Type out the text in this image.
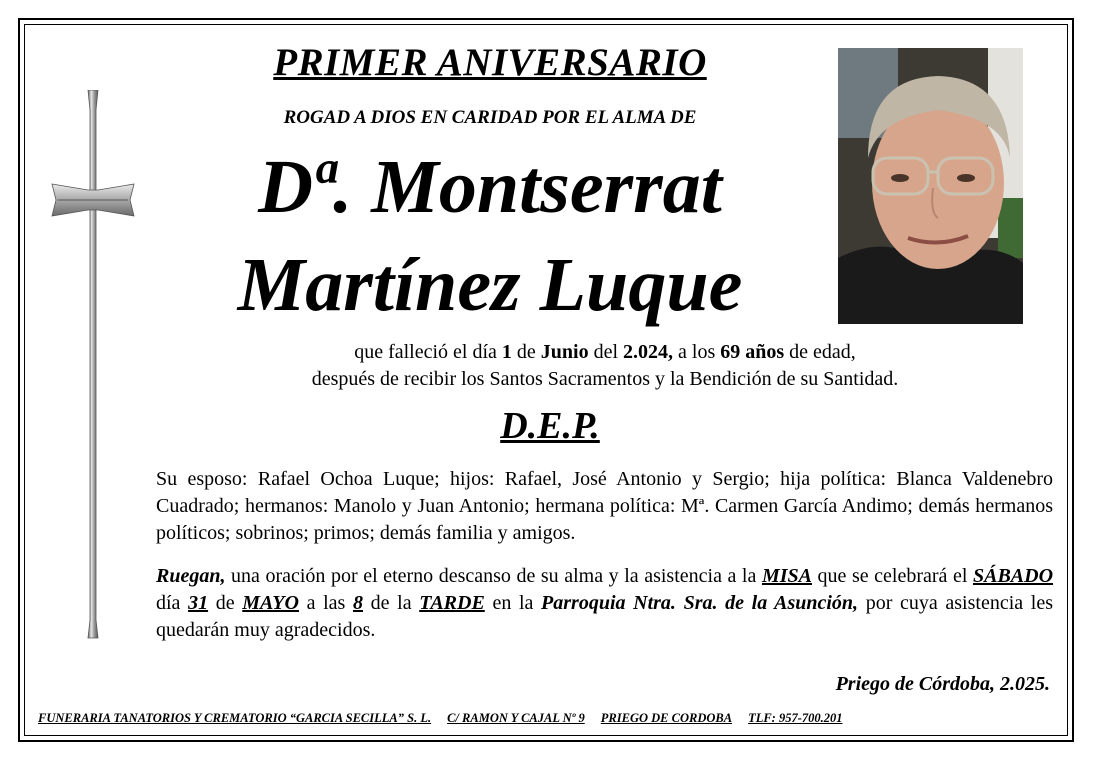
PRIMER ANIVERSARIO
ROGAD A DIOS EN CARIDAD POR EL ALMA DE
Dª. Montserrat
Martínez Luque
que falleció el día 1 de Junio del 2.024, a los 69 años de edad,
después de recibir los Santos Sacramentos y la Bendición de su Santidad.
D.E.P.
Su esposo: Rafael Ochoa Luque; hijos: Rafael, José Antonio y Sergio; hija política: Blanca Valdenebro Cuadrado; hermanos: Manolo y Juan Antonio; hermana política: Mª. Carmen García Andimo; demás hermanos políticos; sobrinos; primos; demás familia y amigos.
Ruegan, una oración por el eterno descanso de su alma y la asistencia a la MISA que se celebrará el SÁBADO día 31 de MAYO a las 8 de la TARDE en la Parroquia Ntra. Sra. de la Asunción, por cuya asistencia les quedarán muy agradecidos.
Priego de Córdoba, 2.025.
FUNERARIA TANATORIOS Y CREMATORIO “GARCIA SECILLA” S. L. C/ RAMON Y CAJAL Nº 9 PRIEGO DE CORDOBA TLF: 957-700.201
